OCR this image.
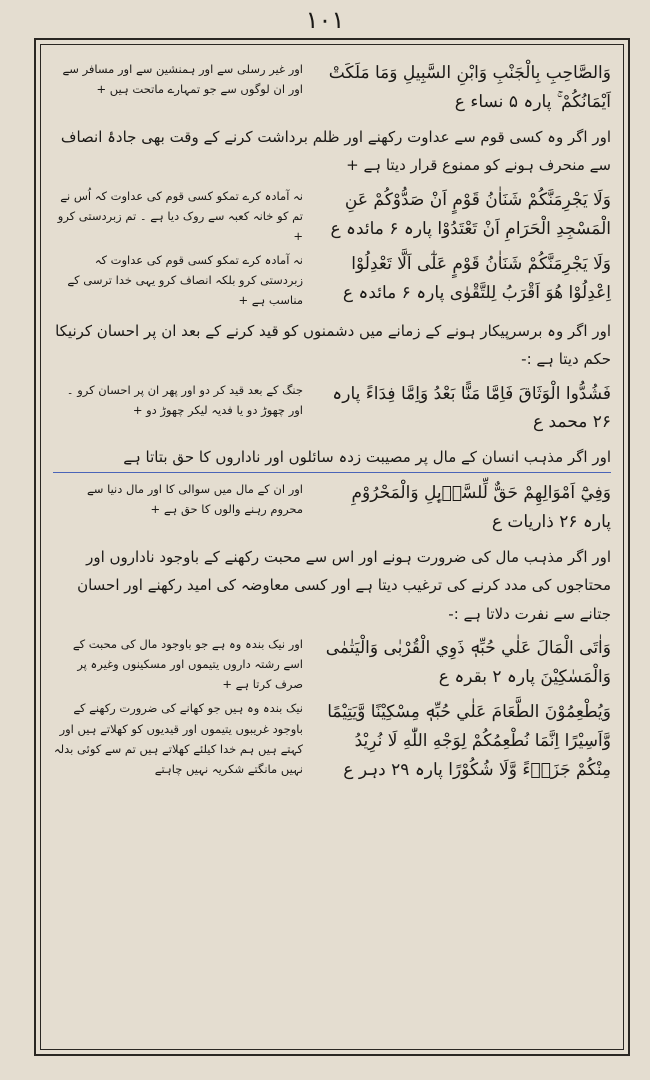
۱۰۱
وَالصَّاحِبِ بِالْجَنْبِ وَابْنِ السَّبِيلِ وَمَا مَلَكَتْ اَيْمَانُكُمْ ۚ پارہ ۵ نساء ع
اور غیر رسلی سے اور ہمنشین سے اور مسافر سے اور ان لوگوں سے جو تمہارے ماتحت ہیں +
اور اگر وہ کسی قوم سے عداوت رکھنے اور ظلم برداشت کرنے کے وقت بھی جادۂ انصاف سے منحرف ہونے کو ممنوع قرار دیتا ہے +
وَلَا يَجْرِمَنَّكُمْ شَنَاٰنُ قَوْمٍ اَنْ صَدُّوْكُمْ عَنِ الْمَسْجِدِ الْحَرَامِ اَنْ تَعْتَدُوْا پارہ ۶ مائدہ ع
نہ آمادہ کرے تمکو کسی قوم کی عداوت کہ اُس نے تم کو خانہ کعبہ سے روک دیا ہے ۔ تم زبردستی کرو +
وَلَا يَجْرِمَنَّكُمْ شَنَاٰنُ قَوْمٍ عَلٰٓى اَلَّا تَعْدِلُوْا اِعْدِلُوْا هُوَ اَقْرَبُ لِلتَّقْوٰى پارہ ۶ مائدہ ع
نہ آمادہ کرے تمکو کسی قوم کی عداوت کہ زبردستی کرو بلکہ انصاف کرو یہی خدا ترسی کے مناسب ہے +
اور اگر وہ برسرپیکار ہونے کے زمانے میں دشمنوں کو قید کرنے کے بعد ان پر احسان کرنیکا حکم دیتا ہے :-
فَشُدُّوا الْوَثَاقَ فَاِمَّا مَنًّا بَعْدُ وَاِمَّا فِدَاءً پارہ ۲۶ محمد ع
جنگ کے بعد قید کر دو اور پھر ان پر احسان کرو ۔ اور چھوڑ دو یا فدیہ لیکر چھوڑ دو +
اور اگر مذہب انسان کے مال پر مصیبت زدہ سائلوں اور ناداروں کا حق بتاتا ہے
وَفِيْٓ اَمْوَالِهِمْ حَقٌّ لِّلسَّاۗىِٕلِ وَالْمَحْرُوْمِ پارہ ۲۶ ذاریات ع
اور ان کے مال میں سوالی کا اور مال دنیا سے محروم رہنے والوں کا حق ہے +
اور اگر مذہب مال کی ضرورت ہونے اور اس سے محبت رکھنے کے باوجود ناداروں اور محتاجوں کی مدد کرنے کی ترغیب دیتا ہے اور کسی معاوضہ کی امید رکھنے اور احسان جتانے سے نفرت دلاتا ہے :-
وَاٰتَى الْمَالَ عَلٰي حُبِّهٖ ذَوِي الْقُرْبٰى وَالْيَتٰمٰى وَالْمَسٰكِيْنَ پارہ ۲ بقرہ ع
اور نیک بندہ وہ ہے جو باوجود مال کی محبت کے اسے رشتہ داروں یتیموں اور مسکینوں وغیرہ پر صرف کرتا ہے +
وَيُطْعِمُوْنَ الطَّعَامَ عَلٰي حُبِّهٖ مِسْكِيْنًا وَّيَتِيْمًا وَّاَسِيْرًا اِنَّمَا نُطْعِمُكُمْ لِوَجْهِ اللّٰهِ لَا نُرِيْدُ مِنْكُمْ جَزَاۗءً وَّلَا شُكُوْرًا پارہ ۲۹ دہر ع
نیک بندہ وہ ہیں جو کھانے کی ضرورت رکھنے کے باوجود غریبوں یتیموں اور قیدیوں کو کھلاتے ہیں اور کہتے ہیں ہم خدا کیلئے کھلاتے ہیں تم سے کوئی بدلہ نہیں مانگتے شکریہ نہیں چاہتے
